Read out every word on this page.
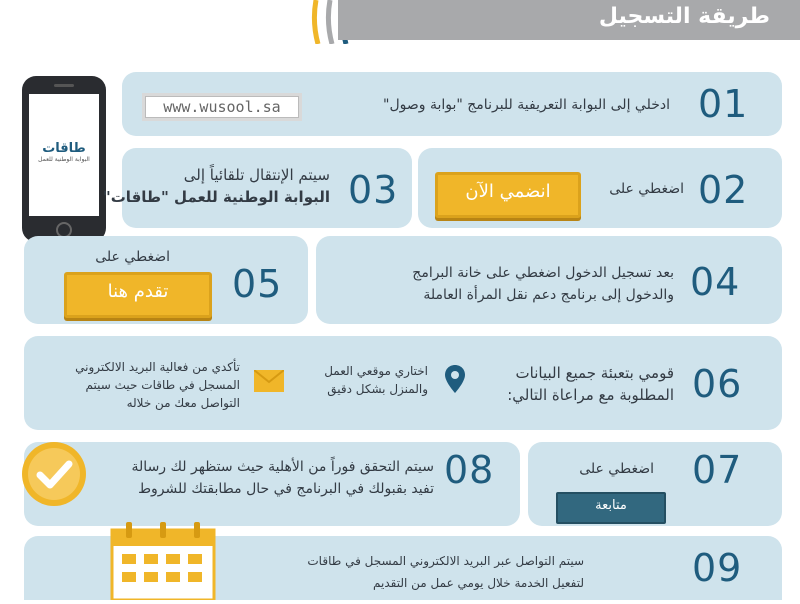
طريقة التسجيل
طاقات
البوابة الوطنية للعمل
01
ادخلي إلى البوابة التعريفية للبرنامج "بوابة وصول"
www.wusool.sa
03
سيتم الإنتقال تلقائياً إلى
البوابة الوطنية للعمل "طاقات"	02
اضغطي على
انضمي الآن
05
اضغطي على
تقدم هنا	04
بعد تسجيل الدخول اضغطي على خانة البرامج
والدخول إلى برنامج دعم نقل المرأة العاملة
06
قومي بتعبئة جميع البيانات
المطلوبة مع مراعاة التالي:
اختاري موقعي العمل
والمنزل بشكل دقيق
تأكدي من فعالية البريد الالكتروني
المسجل في طاقات حيث سيتم
التواصل معك من خلاله
08
سيتم التحقق فوراً من الأهلية حيث ستظهر لك رسالة
تفيد بقبولك في البرنامج في حال مطابقتك للشروط	07
اضغطي على
متابعة
09
سيتم التواصل عبر البريد الالكتروني المسجل في طاقات
لتفعيل الخدمة خلال يومي عمل من التقديم
